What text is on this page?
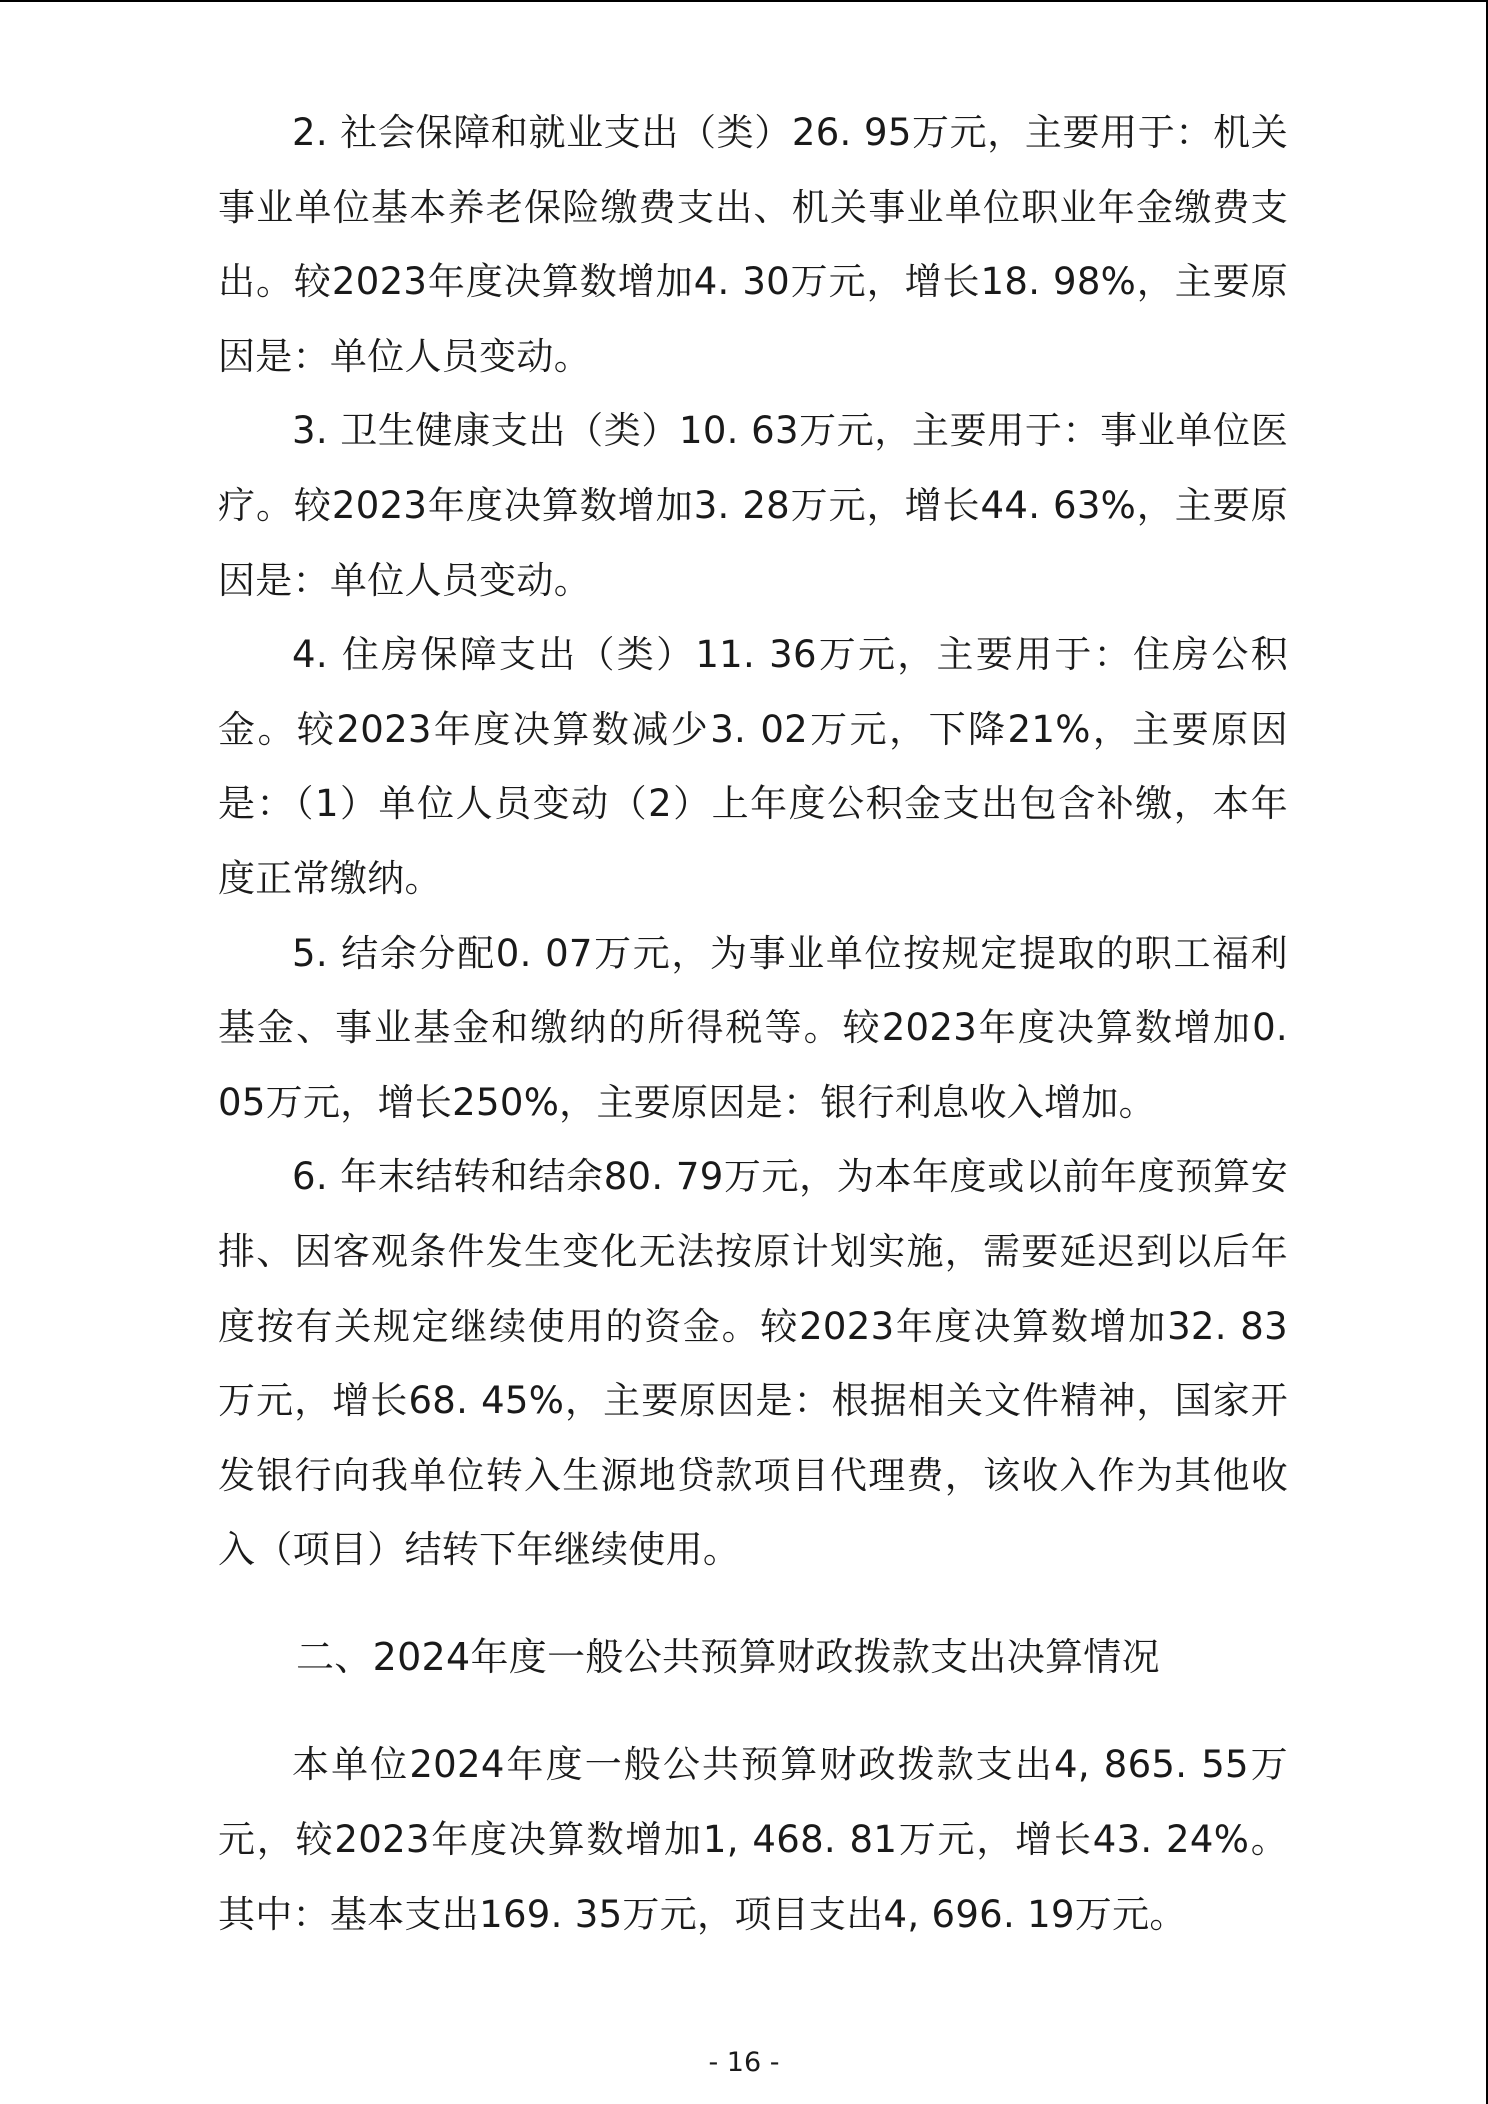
2. 社会保障和就业支出（类）26. 95万元，主要用于：机关事业单位基本养老保险缴费支出、机关事业单位职业年金缴费支出。较2023年度决算数增加4. 30万元，增长18. 98%，主要原因是：单位人员变动。

3. 卫生健康支出（类）10. 63万元，主要用于：事业单位医疗。较2023年度决算数增加3. 28万元，增长44. 63%，主要原因是：单位人员变动。

4. 住房保障支出（类）11. 36万元，主要用于：住房公积金。较2023年度决算数减少3. 02万元，下降21%，主要原因是：（1）单位人员变动（2）上年度公积金支出包含补缴，本年度正常缴纳。

5. 结余分配0. 07万元，为事业单位按规定提取的职工福利基金、事业基金和缴纳的所得税等。较2023年度决算数增加0. 05万元，增长250%，主要原因是：银行利息收入增加。

6. 年末结转和结余80. 79万元，为本年度或以前年度预算安排、因客观条件发生变化无法按原计划实施，需要延迟到以后年度按有关规定继续使用的资金。较2023年度决算数增加32. 83万元，增长68. 45%，主要原因是：根据相关文件精神，国家开发银行向我单位转入生源地贷款项目代理费，该收入作为其他收入（项目）结转下年继续使用。

二、2024年度一般公共预算财政拨款支出决算情况

本单位2024年度一般公共预算财政拨款支出4, 865. 55万元，较2023年度决算数增加1, 468. 81万元，增长43. 24%。其中：基本支出169. 35万元，项目支出4, 696. 19万元。

- 16 -
